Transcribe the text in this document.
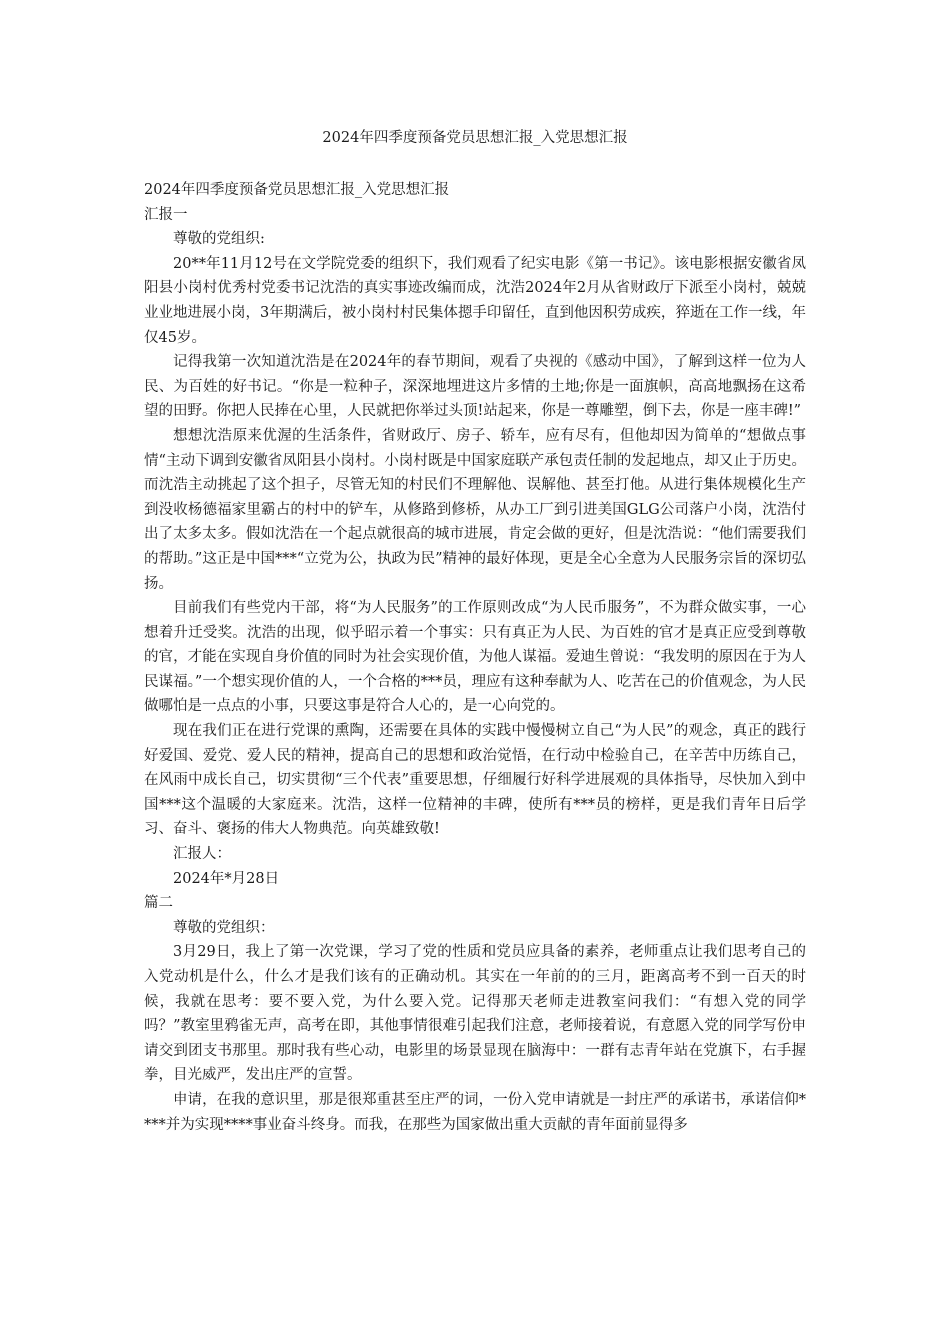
2024年四季度预备党员思想汇报_入党思想汇报

2024年四季度预备党员思想汇报_入党思想汇报

汇报一

尊敬的党组织:

20**年11月12号在文学院党委的组织下，我们观看了纪实电影《第一书记》。该电影根据安徽省凤阳县小岗村优秀村党委书记沈浩的真实事迹改编而成，沈浩2024年2月从省财政厅下派至小岗村，兢兢业业地进展小岗，3年期满后，被小岗村村民集体摁手印留任，直到他因积劳成疾，猝逝在工作一线，年仅45岁。

记得我第一次知道沈浩是在2024年的春节期间，观看了央视的《感动中国》，了解到这样一位为人民、为百姓的好书记。“你是一粒种子，深深地埋进这片多情的土地;你是一面旗帜，高高地飘扬在这希望的田野。你把人民捧在心里，人民就把你举过头顶!站起来，你是一尊雕塑，倒下去，你是一座丰碑!”

想想沈浩原来优渥的生活条件，省财政厅、房子、轿车，应有尽有，但他却因为简单的“想做点事情“主动下调到安徽省凤阳县小岗村。小岗村既是中国家庭联产承包责任制的发起地点，却又止于历史。而沈浩主动挑起了这个担子，尽管无知的村民们不理解他、误解他、甚至打他。从进行集体规模化生产到没收杨德福家里霸占的村中的铲车，从修路到修桥，从办工厂到引进美国GLG公司落户小岗，沈浩付出了太多太多。假如沈浩在一个起点就很高的城市进展，肯定会做的更好，但是沈浩说：“他们需要我们的帮助。”这正是中国***“立党为公，执政为民”精神的最好体现，更是全心全意为人民服务宗旨的深切弘扬。

目前我们有些党内干部，将“为人民服务”的工作原则改成“为人民币服务”，不为群众做实事，一心想着升迁受奖。沈浩的出现，似乎昭示着一个事实：只有真正为人民、为百姓的官才是真正应受到尊敬的官，才能在实现自身价值的同时为社会实现价值，为他人谋福。爱迪生曾说：“我发明的原因在于为人民谋福。”一个想实现价值的人，一个合格的***员，理应有这种奉献为人、吃苦在己的价值观念，为人民做哪怕是一点点的小事，只要这事是符合人心的，是一心向党的。

现在我们正在进行党课的熏陶，还需要在具体的实践中慢慢树立自己“为人民”的观念，真正的践行好爱国、爱党、爱人民的精神，提高自己的思想和政治觉悟，在行动中检验自己，在辛苦中历练自己，在风雨中成长自己，切实贯彻“三个代表”重要思想，仔细履行好科学进展观的具体指导，尽快加入到中国***这个温暖的大家庭来。沈浩，这样一位精神的丰碑，使所有***员的榜样，更是我们青年日后学习、奋斗、褒扬的伟大人物典范。向英雄致敬!

汇报人：

2024年*月28日

篇二

尊敬的党组织：

3月29日，我上了第一次党课，学习了党的性质和党员应具备的素养，老师重点让我们思考自己的入党动机是什么，什么才是我们该有的正确动机。其实在一年前的的三月，距离高考不到一百天的时候，我就在思考：要不要入党，为什么要入党。记得那天老师走进教室问我们：“有想入党的同学吗？”教室里鸦雀无声，高考在即，其他事情很难引起我们注意，老师接着说，有意愿入党的同学写份申请交到团支书那里。那时我有些心动，电影里的场景显现在脑海中：一群有志青年站在党旗下，右手握拳，目光威严，发出庄严的宣誓。

申请，在我的意识里，那是很郑重甚至庄严的词，一份入党申请就是一封庄严的承诺书，承诺信仰****并为实现****事业奋斗终身。而我，在那些为国家做出重大贡献的青年面前显得多
